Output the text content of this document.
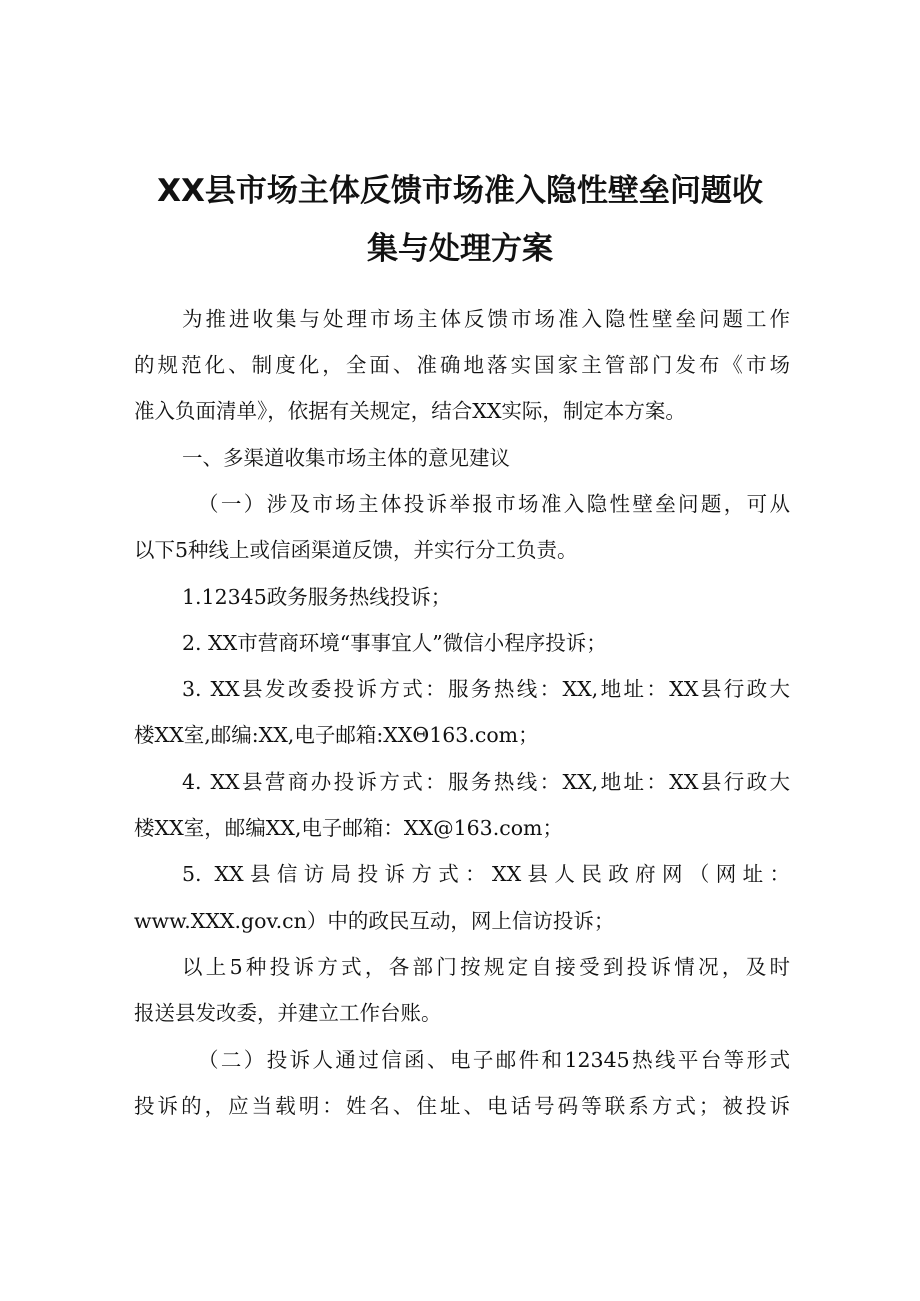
XX县市场主体反馈市场准入隐性壁垒问题收
集与处理方案
为推进收集与处理市场主体反馈市场准入隐性壁垒问题工作
的规范化、制度化，全面、准确地落实国家主管部门发布《市场
准入负面清单》，依据有关规定，结合XX实际，制定本方案。
一、多渠道收集市场主体的意见建议
（一）涉及市场主体投诉举报市场准入隐性壁垒问题，可从
以下5种线上或信函渠道反馈，并实行分工负责。
1.12345政务服务热线投诉；
2. XX市营商环境“事事宜人”微信小程序投诉；
3. XX县发改委投诉方式：服务热线：XX,地址：XX县行政大
楼XX室,邮编:XX,电子邮箱:XXΘ163.com；
4. XX县营商办投诉方式：服务热线：XX,地址：XX县行政大
楼XX室，邮编XX,电子邮箱：XX@163.com；
5. XX县信访局投诉方式：XX县人民政府网（网址：
www.XXX.gov.cn）中的政民互动，网上信访投诉；
以上5种投诉方式，各部门按规定自接受到投诉情况，及时
报送县发改委，并建立工作台账。
（二）投诉人通过信函、电子邮件和12345热线平台等形式
投诉的，应当载明：姓名、住址、电话号码等联系方式；被投诉
